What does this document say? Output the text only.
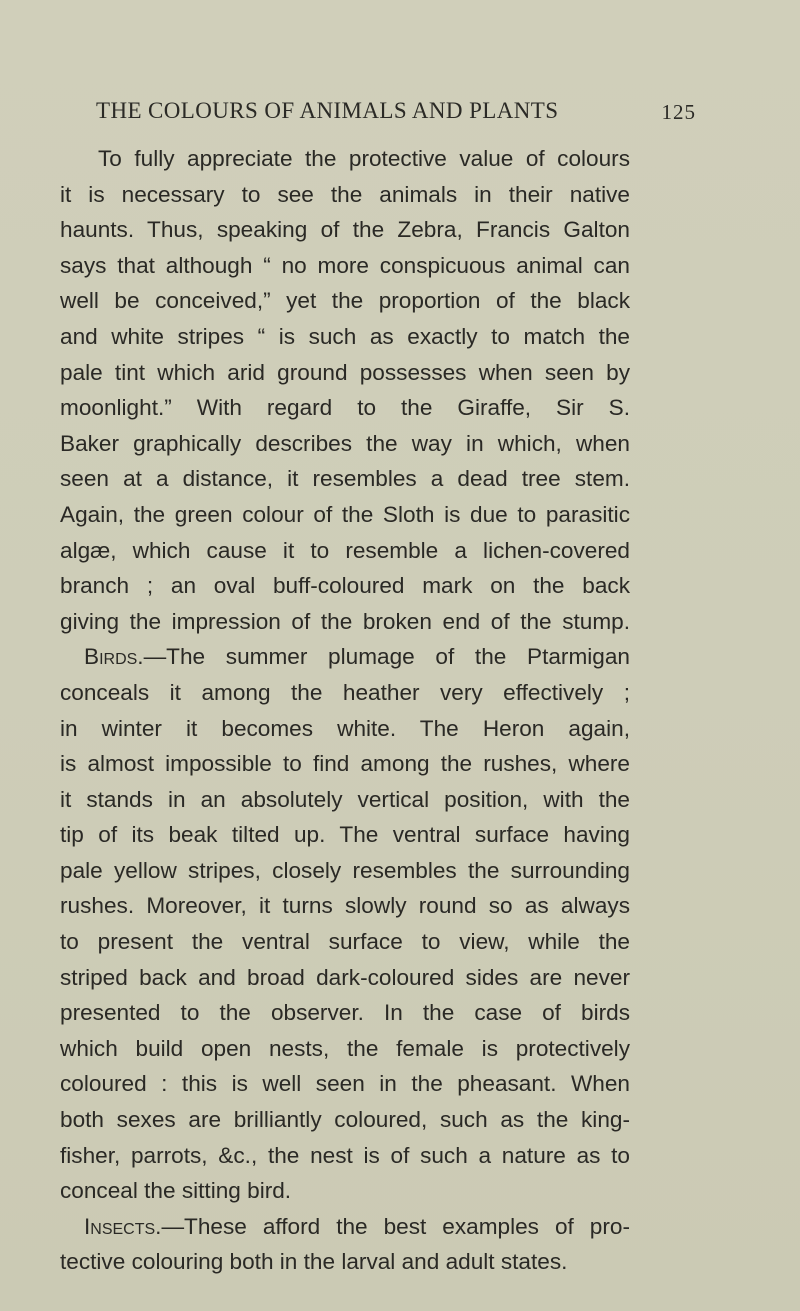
THE COLOURS OF ANIMALS AND PLANTS	125
To fully appreciate the protective value of colours
it is necessary to see the animals in their native
haunts. Thus, speaking of the Zebra, Francis Galton
says that although “ no more conspicuous animal can
well be conceived,” yet the proportion of the black
and white stripes “ is such as exactly to match the
pale tint which arid ground possesses when seen by
moonlight.” With regard to the Giraffe, Sir S.
Baker graphically describes the way in which, when
seen at a distance, it resembles a dead tree stem.
Again, the green colour of the Sloth is due to parasitic
algæ, which cause it to resemble a lichen-covered
branch ; an oval buff-coloured mark on the back
giving the impression of the broken end of the stump.
Birds.—The summer plumage of the Ptarmigan
conceals it among the heather very effectively ;
in winter it becomes white. The Heron again,
is almost impossible to find among the rushes, where
it stands in an absolutely vertical position, with the
tip of its beak tilted up. The ventral surface having
pale yellow stripes, closely resembles the surrounding
rushes. Moreover, it turns slowly round so as always
to present the ventral surface to view, while the
striped back and broad dark-coloured sides are never
presented to the observer. In the case of birds
which build open nests, the female is protectively
coloured : this is well seen in the pheasant. When
both sexes are brilliantly coloured, such as the king-
fisher, parrots, &c., the nest is of such a nature as to
conceal the sitting bird.
Insects.—These afford the best examples of pro-
tective colouring both in the larval and adult states.
